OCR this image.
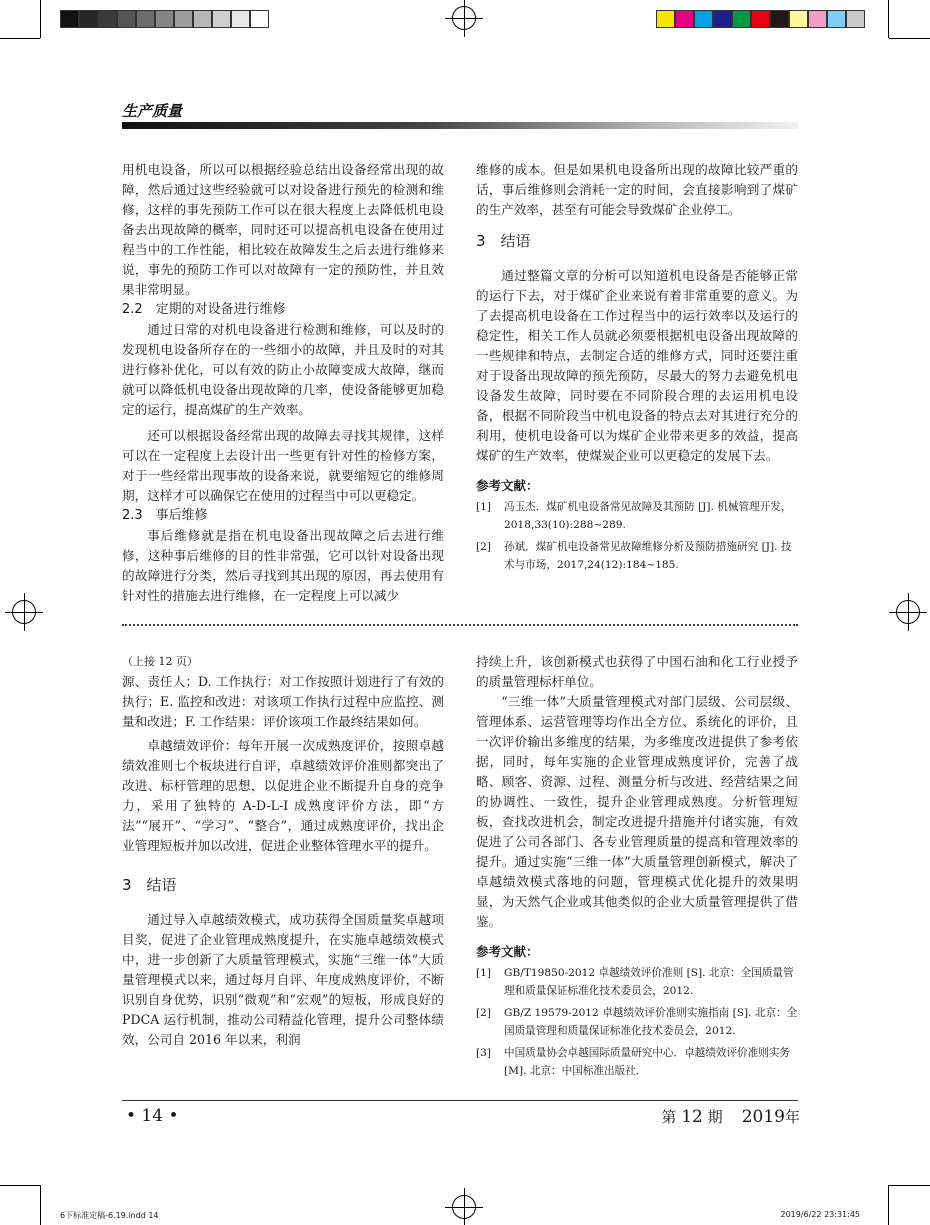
生产质量

用机电设备，所以可以根据经验总结出设备经常出现的故障，然后通过这些经验就可以对设备进行预先的检测和维修，这样的事先预防工作可以在很大程度上去降低机电设备去出现故障的概率，同时还可以提高机电设备在使用过程当中的工作性能，相比较在故障发生之后去进行维修来说，事先的预防工作可以对故障有一定的预防性，并且效果非常明显。

2.2　定期的对设备进行维修

通过日常的对机电设备进行检测和维修，可以及时的发现机电设备所存在的一些细小的故障，并且及时的对其进行修补优化，可以有效的防止小故障变成大故障，继而就可以降低机电设备出现故障的几率，使设备能够更加稳定的运行，提高煤矿的生产效率。

还可以根据设备经常出现的故障去寻找其规律，这样可以在一定程度上去设计出一些更有针对性的检修方案，对于一些经常出现事故的设备来说，就要缩短它的维修周期，这样才可以确保它在使用的过程当中可以更稳定。

2.3　事后维修

事后维修就是指在机电设备出现故障之后去进行维修，这种事后维修的目的性非常强，它可以针对设备出现的故障进行分类，然后寻找到其出现的原因，再去使用有针对性的措施去进行维修，在一定程度上可以减少

维修的成本。但是如果机电设备所出现的故障比较严重的话，事后维修则会消耗一定的时间，会直接影响到了煤矿的生产效率，甚至有可能会导致煤矿企业停工。

3　结语

通过整篇文章的分析可以知道机电设备是否能够正常的运行下去，对于煤矿企业来说有着非常重要的意义。为了去提高机电设备在工作过程当中的运行效率以及运行的稳定性，相关工作人员就必须要根据机电设备出现故障的一些规律和特点，去制定合适的维修方式，同时还要注重对于设备出现故障的预先预防，尽最大的努力去避免机电设备发生故障，同时要在不同阶段合理的去运用机电设备，根据不同阶段当中机电设备的特点去对其进行充分的利用，使机电设备可以为煤矿企业带来更多的效益，提高煤矿的生产效率，使煤炭企业可以更稳定的发展下去。

参考文献：
[1] 冯玉杰．煤矿机电设备常见故障及其预防 [J]. 机械管理开发，2018,33(10):288~289.
[2] 孙斌．煤矿机电设备常见故障维修分析及预防措施研究 [J]. 技术与市场，2017,24(12):184~185.

（上接 12 页）

源、责任人；D. 工作执行：对工作按照计划进行了有效的执行；E. 监控和改进：对该项工作执行过程中应监控、测量和改进；F. 工作结果：评价该项工作最终结果如何。

卓越绩效评价：每年开展一次成熟度评价，按照卓越绩效准则七个板块进行自评，卓越绩效评价准则都突出了改进、标杆管理的思想，以促进企业不断提升自身的竞争力，采用了独特的 A-D-L-I 成熟度评价方法，即“方法”“展开”、“学习”、“整合”，通过成熟度评价，找出企业管理短板并加以改进，促进企业整体管理水平的提升。

3　结语

通过导入卓越绩效模式，成功获得全国质量奖卓越项目奖，促进了企业管理成熟度提升，在实施卓越绩效模式中，进一步创新了大质量管理模式，实施“三维一体”大质量管理模式以来，通过每月自评、年度成熟度评价，不断识别自身优势，识别“微观”和“宏观”的短板，形成良好的 PDCA 运行机制，推动公司精益化管理，提升公司整体绩效，公司自 2016 年以来，利润

持续上升，该创新模式也获得了中国石油和化工行业授予的质量管理标杆单位。

“三维一体”大质量管理模式对部门层级、公司层级、管理体系、运营管理等均作出全方位、系统化的评价，且一次评价输出多维度的结果，为多维度改进提供了参考依据，同时，每年实施的企业管理成熟度评价，完善了战略、顾客、资源、过程、测量分析与改进、经营结果之间的协调性、一致性，提升企业管理成熟度。分析管理短板，查找改进机会，制定改进提升措施并付诸实施，有效促进了公司各部门、各专业管理质量的提高和管理效率的提升。通过实施“三维一体”大质量管理创新模式，解决了卓越绩效模式落地的问题，管理模式优化提升的效果明显，为天然气企业或其他类似的企业大质量管理提供了借鉴。

参考文献：
[1] GB/T19850-2012 卓越绩效评价准则 [S]. 北京：全国质量管理和质量保证标准化技术委员会，2012.
[2] GB/Z 19579-2012 卓越绩效评价准则实施指南 [S]. 北京：全国质量管理和质量保证标准化技术委员会，2012.
[3] 中国质量协会卓越国际质量研究中心．卓越绩效评价准则实务 [M]. 北京：中国标准出版社．
• 14 •	第 12 期 2019年
6下标准定稿-6.19.indd 14	2019/6/22 23:31:45
